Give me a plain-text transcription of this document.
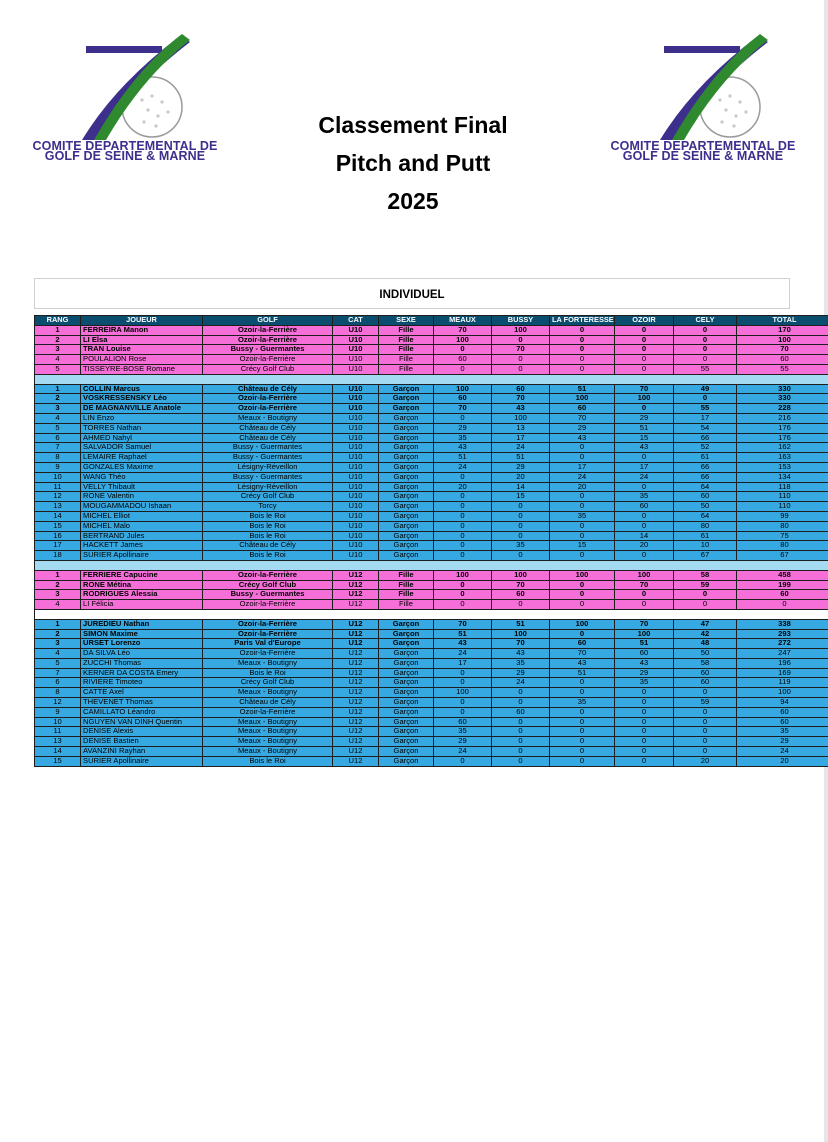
COMITE DEPARTEMENTAL DE
GOLF DE SEINE & MARNE
COMITE DEPARTEMENTAL DE
GOLF DE SEINE & MARNE
Classement Final
Pitch and Putt
2025
INDIVIDUEL
RANG	JOUEUR	GOLF	CAT	SEXE	MEAUX	BUSSY	LA FORTERESSE	OZOIR	CELY	TOTAL
1	FERREIRA Manon	Ozoir-la-Ferrière	U10	Fille	70	100	0	0	0	170
2	LI Elsa	Ozoir-la-Ferrière	U10	Fille	100	0	0	0	0	100
3	TRAN Louise	Bussy - Guermantes	U10	Fille	0	70	0	0	0	70
4	POULALION Rose	Ozoir-la-Ferrière	U10	Fille	60	0	0	0	0	60
5	TISSEYRE-BOSE Romane	Crécy Golf Club	U10	Fille	0	0	0	0	55	55

1	COLLIN Marcus	Château de Cély	U10	Garçon	100	60	51	70	49	330
2	VOSKRESSENSKY Léo	Ozoir-la-Ferrière	U10	Garçon	60	70	100	100	0	330
3	DE MAGNANVILLE Anatole	Ozoir-la-Ferrière	U10	Garçon	70	43	60	0	55	228
4	LIN Enzo	Meaux - Boutigny	U10	Garçon	0	100	70	29	17	216
5	TORRES Nathan	Château de Cély	U10	Garçon	29	13	29	51	54	176
6	AHMED Nahyl	Château de Cély	U10	Garçon	35	17	43	15	66	176
7	SALVADOR Samuel	Bussy - Guermantes	U10	Garçon	43	24	0	43	52	162
8	LEMAIRE Raphael	Bussy - Guermantes	U10	Garçon	51	51	0	0	61	163
9	GONZALES Maxime	Lésigny-Réveillon	U10	Garçon	24	29	17	17	66	153
10	WANG Théo	Bussy - Guermantes	U10	Garçon	0	20	24	24	66	134
11	VELLY Thibault	Lésigny-Réveillon	U10	Garçon	20	14	20	0	64	118
12	RONE Valentin	Crécy Golf Club	U10	Garçon	0	15	0	35	60	110
13	MOUGAMMADOU Ishaan	Torcy	U10	Garçon	0	0	0	60	50	110
14	MICHEL Elliot	Bois le Roi	U10	Garçon	0	0	35	0	64	99
15	MICHEL Malo	Bois le Roi	U10	Garçon	0	0	0	0	80	80
16	BERTRAND Jules	Bois le Roi	U10	Garçon	0	0	0	14	61	75
17	HACKETT James	Château de Cély	U10	Garçon	0	35	15	20	10	80
18	SURIER Apollinaire	Bois le Roi	U10	Garçon	0	0	0	0	67	67

1	FERRIERE Capucine	Ozoir-la-Ferrière	U12	Fille	100	100	100	100	58	458
2	RONE Métina	Crécy Golf Club	U12	Fille	0	70	0	70	59	199
3	RODRIGUES Alessia	Bussy - Guermantes	U12	Fille	0	60	0	0	0	60
4	LI Félicia	Ozoir-la-Ferrière	U12	Fille	0	0	0	0	0	0

1	JUREDIEU Nathan	Ozoir-la-Ferrière	U12	Garçon	70	51	100	70	47	338
2	SIMON Maxime	Ozoir-la-Ferrière	U12	Garçon	51	100	0	100	42	293
3	URSET Lorenzo	Paris Val d'Europe	U12	Garçon	43	70	60	51	48	272
4	DA SILVA Léo	Ozoir-la-Ferrière	U12	Garçon	24	43	70	60	50	247
5	ZUCCHI Thomas	Meaux - Boutigny	U12	Garçon	17	35	43	43	58	196
7	KERNER DA COSTA Emery	Bois le Roi	U12	Garçon	0	29	51	29	60	169
6	RIVIERE Timoteo	Crécy Golf Club	U12	Garçon	0	24	0	35	60	119
8	CATTE Axel	Meaux - Boutigny	U12	Garçon	100	0	0	0	0	100
12	THEVENET Thomas	Château de Cély	U12	Garçon	0	0	35	0	59	94
9	CAMILLATO Léandro	Ozoir-la-Ferrière	U12	Garçon	0	60	0	0	0	60
10	NGUYEN VAN DINH Quentin	Meaux - Boutigny	U12	Garçon	60	0	0	0	0	60
11	DENISE Alexis	Meaux - Boutigny	U12	Garçon	35	0	0	0	0	35
13	DENISE Bastien	Meaux - Boutigny	U12	Garçon	29	0	0	0	0	29
14	AVANZINI Rayhan	Meaux - Boutigny	U12	Garçon	24	0	0	0	0	24
15	SURIER Apollinaire	Bois le Roi	U12	Garçon	0	0	0	0	20	20
